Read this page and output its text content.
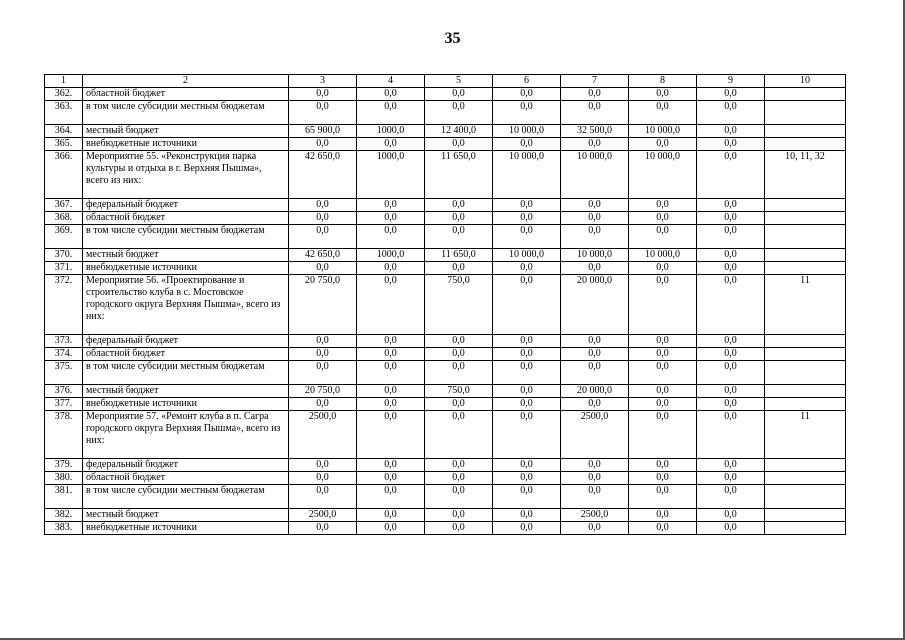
35
1	2	3	4	5	6	7	8	9	10
362.	областной бюджет	0,0	0,0	0,0	0,0	0,0	0,0	0,0	
363.	в том числе субсидии местным бюджетам	0,0	0,0	0,0	0,0	0,0	0,0	0,0	
364.	местный бюджет	65 900,0	1000,0	12 400,0	10 000,0	32 500,0	10 000,0	0,0	
365.	внебюджетные источники	0,0	0,0	0,0	0,0	0,0	0,0	0,0	
366.	Мероприятие 55. «Реконструкция парка культуры и отдыха в г. Верхняя Пышма», всего из них:	42 650,0	1000,0	11 650,0	10 000,0	10 000,0	10 000,0	0,0	10, 11, 32
367.	федеральный бюджет	0,0	0,0	0,0	0,0	0,0	0,0	0,0	
368.	областной бюджет	0,0	0,0	0,0	0,0	0,0	0,0	0,0	
369.	в том числе субсидии местным бюджетам	0,0	0,0	0,0	0,0	0,0	0,0	0,0	
370.	местный бюджет	42 650,0	1000,0	11 650,0	10 000,0	10 000,0	10 000,0	0,0	
371.	внебюджетные источники	0,0	0,0	0,0	0,0	0,0	0,0	0,0	
372.	Мероприятие 56. «Проектирование и строительство клуба в с. Мостовское городского округа Верхняя Пышма», всего из них:	20 750,0	0,0	750,0	0,0	20 000,0	0,0	0,0	11
373.	федеральный бюджет	0,0	0,0	0,0	0,0	0,0	0,0	0,0	
374.	областной бюджет	0,0	0,0	0,0	0,0	0,0	0,0	0,0	
375.	в том числе субсидии местным бюджетам	0,0	0,0	0,0	0,0	0,0	0,0	0,0	
376.	местный бюджет	20 750,0	0,0	750,0	0,0	20 000,0	0,0	0,0	
377.	внебюджетные источники	0,0	0,0	0,0	0,0	0,0	0,0	0,0	
378.	Мероприятие 57. «Ремонт клуба в п. Сагра городского округа Верхняя Пышма», всего из них:	2500,0	0,0	0,0	0,0	2500,0	0,0	0,0	11
379.	федеральный бюджет	0,0	0,0	0,0	0,0	0,0	0,0	0,0	
380.	областной бюджет	0,0	0,0	0,0	0,0	0,0	0,0	0,0	
381.	в том числе субсидии местным бюджетам	0,0	0,0	0,0	0,0	0,0	0,0	0,0	
382.	местный бюджет	2500,0	0,0	0,0	0,0	2500,0	0,0	0,0	
383.	внебюджетные источники	0,0	0,0	0,0	0,0	0,0	0,0	0,0	
